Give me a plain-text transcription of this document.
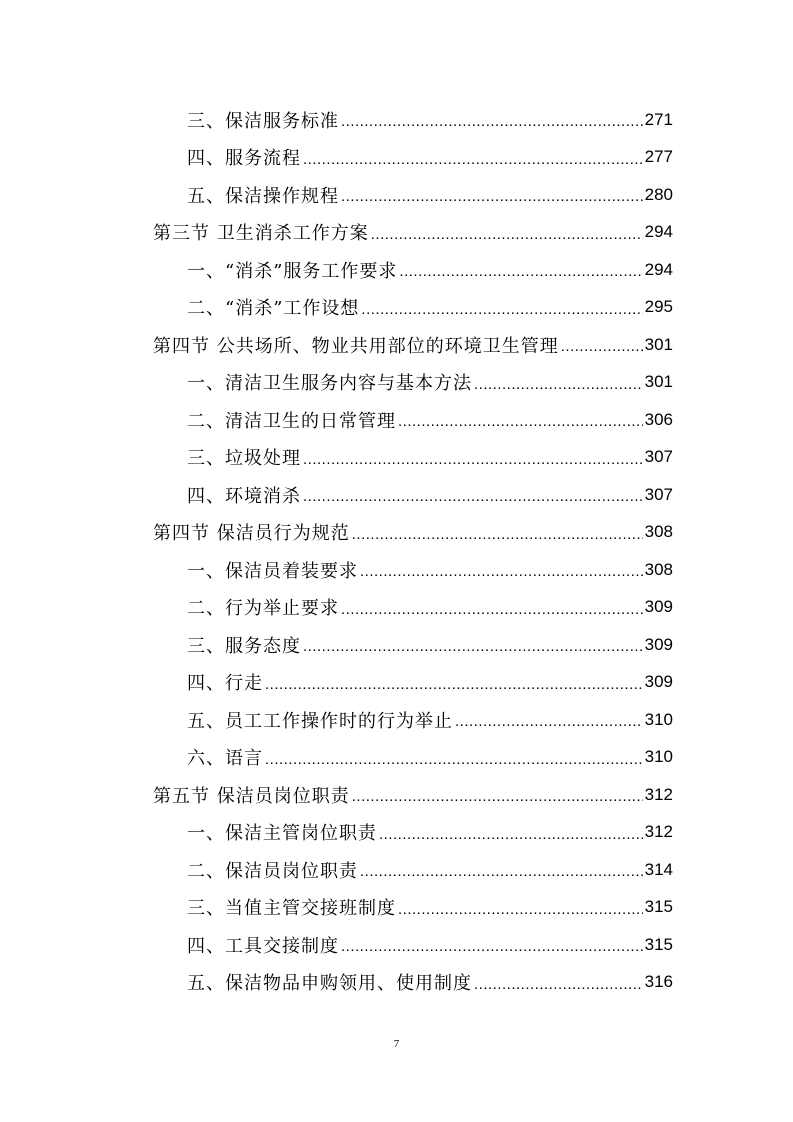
三、保洁服务标准 .....	271
四、服务流程 .....	277
五、保洁操作规程 .....	280
第三节 卫生消杀工作方案 .....	294
一、“消杀”服务工作要求 .....	294
二、“消杀”工作设想 .....	295
第四节 公共场所、物业共用部位的环境卫生管理 .....	301
一、清洁卫生服务内容与基本方法 .....	301
二、清洁卫生的日常管理 .....	306
三、垃圾处理 .....	307
四、环境消杀 .....	307
第四节 保洁员行为规范 .....	308
一、保洁员着装要求 .....	308
二、行为举止要求 .....	309
三、服务态度 .....	309
四、行走 .....	309
五、员工工作操作时的行为举止 .....	310
六、语言 .....	310
第五节 保洁员岗位职责 .....	312
一、保洁主管岗位职责 .....	312
二、保洁员岗位职责 .....	314
三、当值主管交接班制度 .....	315
四、工具交接制度 .....	315
五、保洁物品申购领用、使用制度 .....	316
7
